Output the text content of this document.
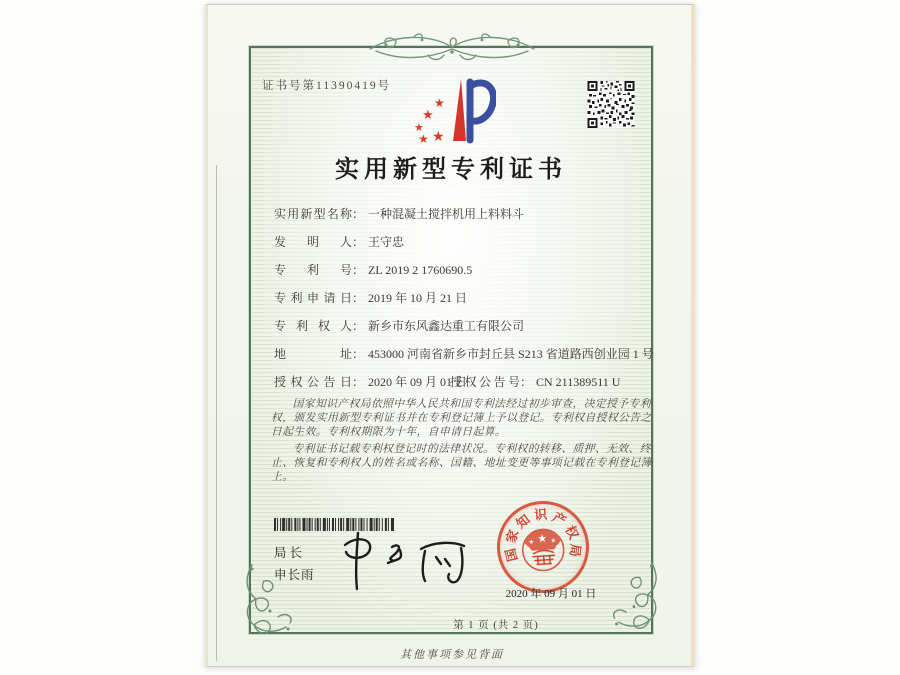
证书号第11390419号
★
★
★
★
★
实用新型专利证书
实用新型名称： 一种混凝土搅拌机用上料料斗
发明人： 王守忠
专利号： ZL 2019 2 1760690.5
专利申请日： 2019 年 10 月 21 日
专利权人： 新乡市东风鑫达重工有限公司
地址： 453000 河南省新乡市封丘县 S213 省道路西创业园 1 号
授权公告日： 2020 年 09 月 01 日
授权公告号： CN 211389511 U

国家知识产权局依照中华人民共和国专利法经过初步审查，决定授予专利权，颁发实用新型专利证书并在专利登记簿上予以登记。专利权自授权公告之日起生效。专利权期限为十年，自申请日起算。

专利证书记载专利权登记时的法律状况。专利权的转移、质押、无效、终止、恢复和专利权人的姓名或名称、国籍、地址变更等事项记载在专利登记簿上。

局长
申长雨
国
家
知 识 产
权
局
★
★	★
★	★
2020 年 09 月 01 日
第 1 页 (共 2 页)
其他事项参见背面
